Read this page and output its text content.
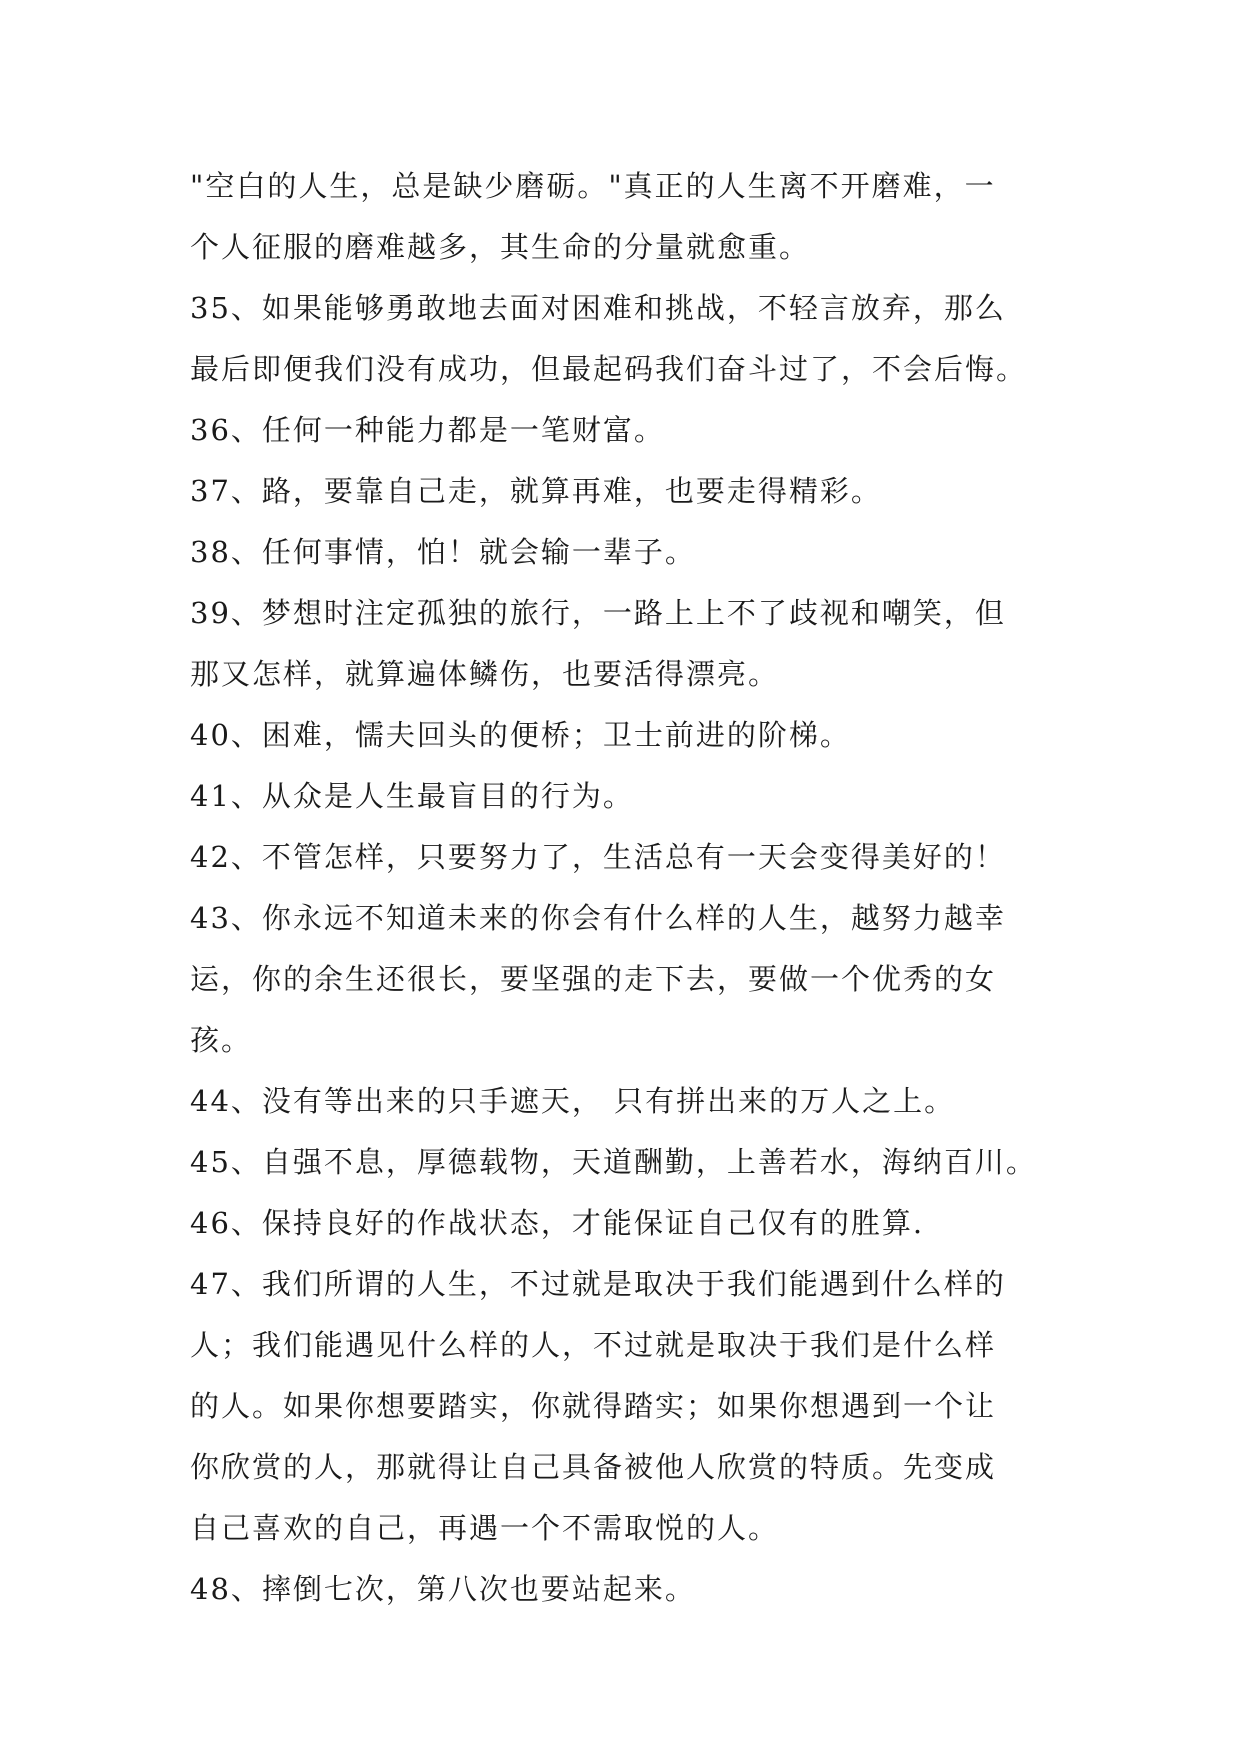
"空白的人生，总是缺少磨砺。"真正的人生离不开磨难，一
个人征服的磨难越多，其生命的分量就愈重。
35、如果能够勇敢地去面对困难和挑战，不轻言放弃，那么
最后即便我们没有成功，但最起码我们奋斗过了，不会后悔。
36、任何一种能力都是一笔财富。
37、路，要靠自己走，就算再难，也要走得精彩。
38、任何事情，怕！就会输一辈子。
39、梦想时注定孤独的旅行，一路上上不了歧视和嘲笑，但
那又怎样，就算遍体鳞伤，也要活得漂亮。
40、困难，懦夫回头的便桥；卫士前进的阶梯。
41、从众是人生最盲目的行为。
42、不管怎样，只要努力了，生活总有一天会变得美好的！
43、你永远不知道未来的你会有什么样的人生，越努力越幸
运，你的余生还很长，要坚强的走下去，要做一个优秀的女
孩。
44、没有等出来的只手遮天， 只有拼出来的万人之上。
45、自强不息，厚德载物，天道酬勤，上善若水，海纳百川。
46、保持良好的作战状态，才能保证自己仅有的胜算.
47、我们所谓的人生，不过就是取决于我们能遇到什么样的
人；我们能遇见什么样的人，不过就是取决于我们是什么样
的人。如果你想要踏实，你就得踏实；如果你想遇到一个让
你欣赏的人，那就得让自己具备被他人欣赏的特质。先变成
自己喜欢的自己，再遇一个不需取悦的人。
48、摔倒七次，第八次也要站起来。
